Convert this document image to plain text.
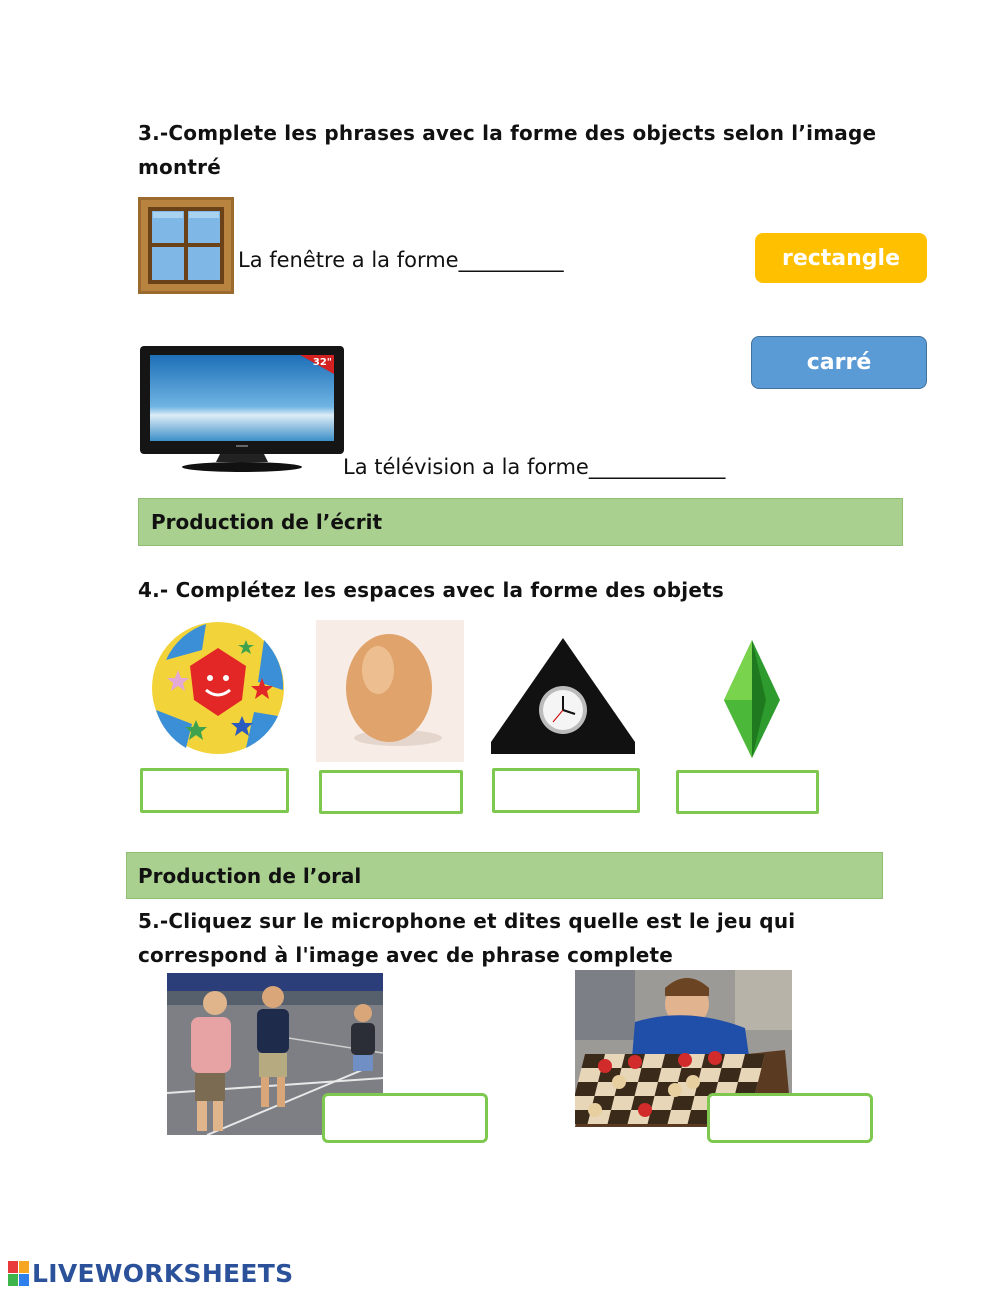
3.-Complete les phrases avec la forme des objects selon l’image
montré
La fenêtre a la forme__________	rectangle
carré
32"
La télévision a la forme_____________
Production de l’écrit
4.- Complétez les espaces avec la forme des objets
Production de l’oral
5.-Cliquez sur le microphone et dites quelle est le jeu qui
correspond à l'image avec de phrase complete
LIVEWORKSHEETS
